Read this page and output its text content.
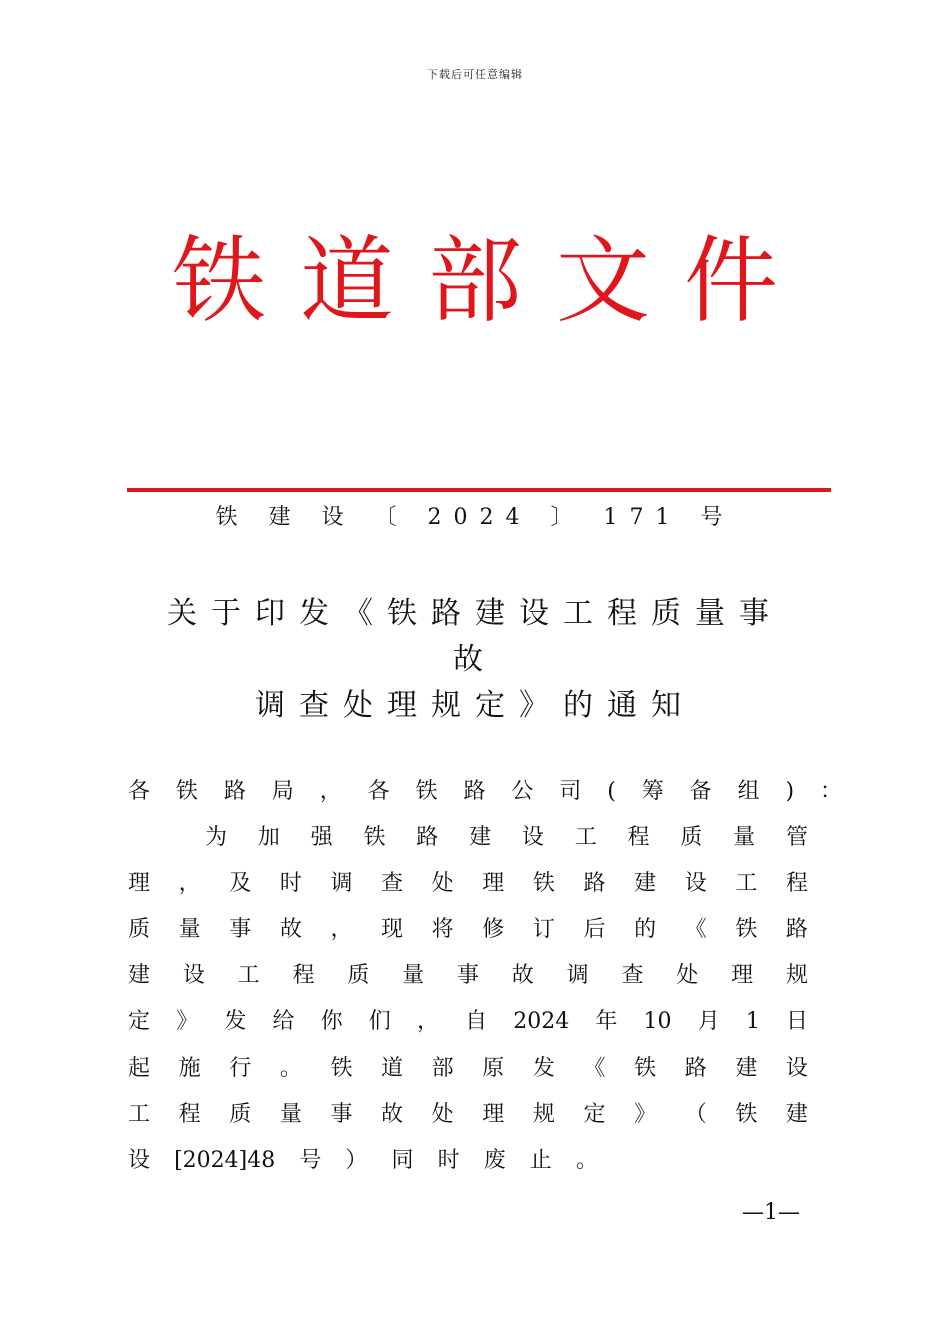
下载后可任意编辑
铁道部文件
铁 建 设 〔 2024 〕 171 号
关于印发《铁路建设工程质量事
故
调查处理规定》的通知
各 铁 路 局 ， 各 铁 路 公 司 ( 筹 备 组 ) ：
为 加 强 铁 路 建 设 工 程 质 量 管
理 ， 及 时 调 查 处 理 铁 路 建 设 工 程
质 量 事 故 ， 现 将 修 订 后 的 《 铁 路
建 设 工 程 质 量 事 故 调 查 处 理 规
定 》 发 给 你 们 ， 自 2024 年 10 月 1 日
起 施 行 。 铁 道 部 原 发 《 铁 路 建 设
工 程 质 量 事 故 处 理 规 定 》 （ 铁 建
设 [2024]48 号 ） 同 时 废 止 。
—1—
